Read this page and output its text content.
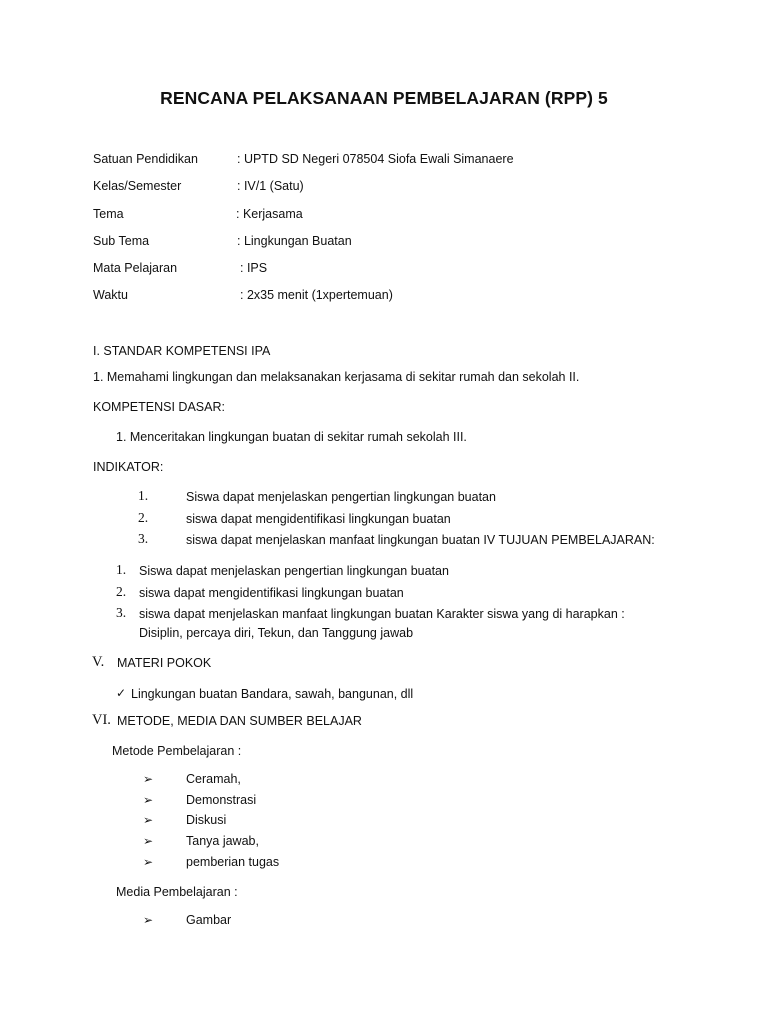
RENCANA PELAKSANAAN PEMBELAJARAN (RPP) 5
Satuan Pendidikan	: UPTD SD Negeri 078504 Siofa Ewali Simanaere
Kelas/Semester	: IV/1 (Satu)
Tema	: Kerjasama
Sub Tema	: Lingkungan Buatan
Mata Pelajaran	: IPS
Waktu	: 2x35 menit (1xpertemuan)
I. STANDAR KOMPETENSI IPA
1. Memahami lingkungan dan melaksanakan kerjasama di sekitar rumah dan sekolah II.
KOMPETENSI DASAR:
1. Menceritakan lingkungan buatan di sekitar rumah sekolah III.
INDIKATOR:
1.	Siswa dapat menjelaskan pengertian lingkungan buatan
2.	siswa dapat mengidentifikasi lingkungan buatan
3.	siswa dapat menjelaskan manfaat lingkungan buatan IV TUJUAN PEMBELAJARAN:
1. Siswa dapat menjelaskan pengertian lingkungan buatan
2. siswa dapat mengidentifikasi lingkungan buatan
3. siswa dapat menjelaskan manfaat lingkungan buatan Karakter siswa yang di harapkan :
Disiplin, percaya diri, Tekun, dan Tanggung jawab
V. MATERI POKOK
✓ Lingkungan buatan Bandara, sawah, bangunan, dll
VI. METODE, MEDIA DAN SUMBER BELAJAR
Metode Pembelajaran :
➢	Ceramah,
➢	Demonstrasi
➢	Diskusi
➢	Tanya jawab,
➢	pemberian tugas
Media Pembelajaran :
➢	Gambar
